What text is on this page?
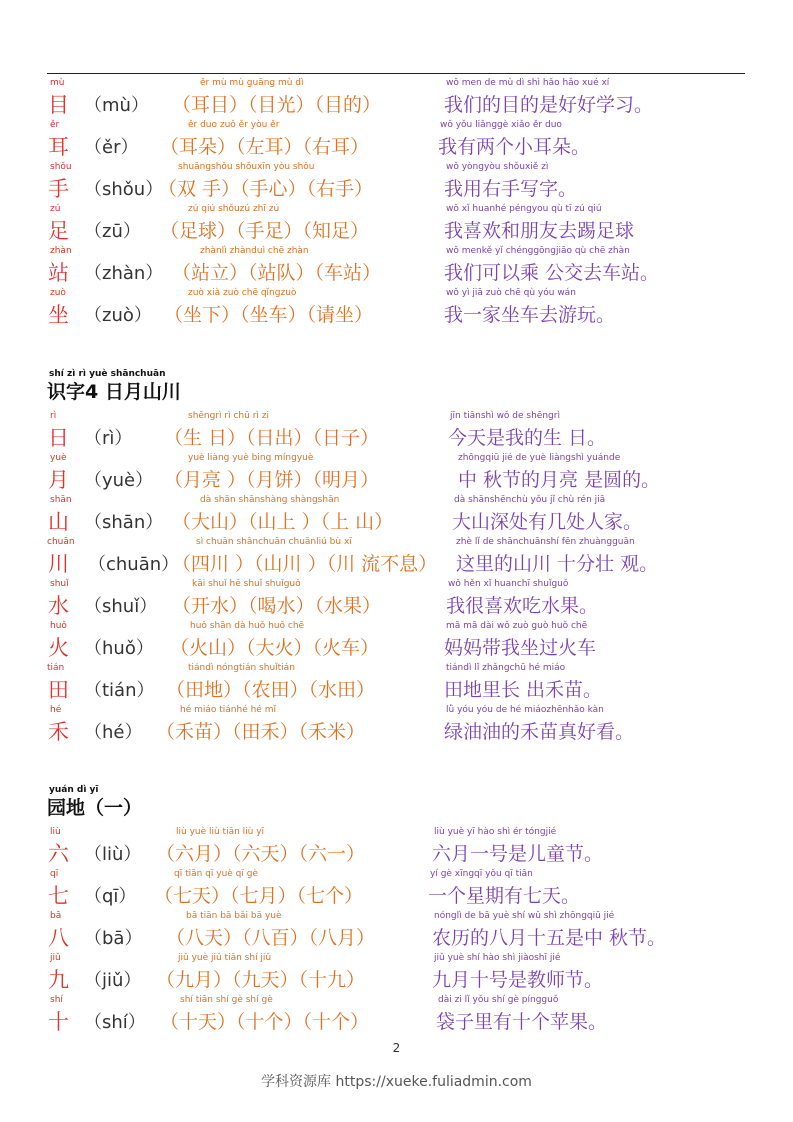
mù
目 （mù）
ěr mù mù guāng mù dì
（耳目）（目光）（目的）
wǒ men de mù dì shì hǎo hǎo xué xí
我们的目的是好好学习。
ěr
耳 （ěr）
ěr duo zuǒ ěr yòu ěr
（耳朵）（左耳）（右耳）
wǒ yǒu liǎnggè xiǎo ěr duo
我有两个小耳朵。
shǒu
手 （shǒu）
shuāngshǒu shǒuxīn yòu shǒu
（双 手）（手心）（右手）
wǒ yòngyòu shǒuxiě zì
我用右手写字。
zú
足 （zū）
zú qiú shǒuzú zhī zú
（足球）（手足）（知足）
wǒ xǐ huanhé péngyou qù tī zú qiú
我喜欢和朋友去踢足球
zhàn
站 （zhàn）
zhànlì zhànduì chē zhàn
（站立）（站队）（车站）
wǒ menkě yǐ chénggōngjiāo qù chē zhàn
我们可以乘 公交去车站。
zuò
坐 （zuò）
zuò xià zuò chē qǐngzuò
（坐下）（坐车）（请坐）
wǒ yì jiā zuò chē qù yóu wán
我一家坐车去游玩。
shí zì rì yuè shānchuān
识字4 日月山川
rì
日 （rì）
shēngrì rì chū rì zi
（生 日）（日出）（日子）
jīn tiānshì wǒ de shēngrì
今天是我的生 日。
yuè
月 （yuè）
yuè liàng yuè bing míngyuè
（月亮 ）（月饼）（明月）
zhōngqiū jié de yuè liàngshì yuánde
中 秋节的月亮 是圆的。
shān
山 （shān）
dà shān shānshàng shàngshān
（大山）（山上 ）（上 山）
dà shānshēnchù yǒu jǐ chù rén jiā
大山深处有几处人家。
chuān
川 （chuān）
sì chuān shānchuān chuānliú bù xī
（四川 ）（山川 ）（川 流不息）
zhè lǐ de shānchuānshí fēn zhuàngguān
这里的山川 十分壮 观。
shuǐ
水 （shuǐ）
kāi shuǐ hē shuǐ shuǐguǒ
（开水）（喝水）（水果）
wǒ hěn xǐ huanchī shuǐguǒ
我很喜欢吃水果。
huǒ
火 （huǒ）
huǒ shān dà huǒ huǒ chē
（火山）（大火）（火车）
mā mā dài wǒ zuò guò huǒ chē
妈妈带我坐过火车
tián
田 （tián）
tiándì nóngtián shuǐtián
（田地）（农田）（水田）
tiándì lǐ zhǎngchū hé miáo
田地里长 出禾苗。
hé
禾 （hé）
hé miáo tiánhé hé mǐ
（禾苗）（田禾）（禾米）
lǜ yóu yóu de hé miáozhēnhǎo kàn
绿油油的禾苗真好看。
yuán dì yī
园地（一）
liù
六 （liù）
liù yuè liù tiān liù yī
（六月）（六天）（六一）
liù yuè yī hào shì ér tóngjié
六月一号是儿童节。
qī
七 （qī）
qī tiān qī yuè qī gè
（七天）（七月）（七个）
yí gè xīngqī yǒu qī tiān
一个星期有七天。
bā
八 （bā）
bā tiān bā bǎi bā yuè
（八天）（八百）（八月）
nónglì de bā yuè shí wǔ shì zhōngqiū jié
农历的八月十五是中 秋节。
jiǔ
九 （jiǔ）
jiǔ yuè jiǔ tiān shí jiǔ
（九月）（九天）（十九）
jiǔ yuè shí hào shì jiàoshī jié
九月十号是教师节。
shí
十 （shí）
shí tiān shí gè shí gè
（十天）（十个）（十个）
dài zi lǐ yǒu shí gè píngguǒ
袋子里有十个苹果。
2
学科资源库 https://xueke.fuliadmin.com
